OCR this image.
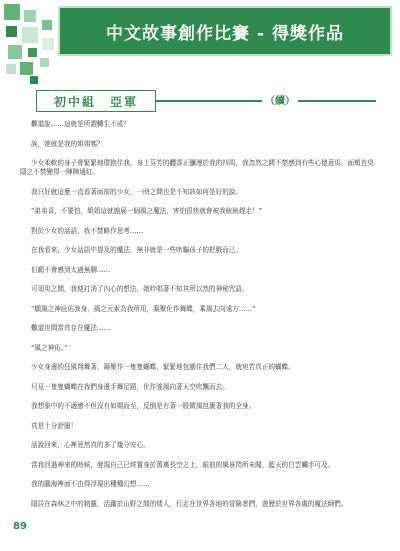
中文故事創作比賽 - 得獎作品
初中組　亞軍	（續）

難道說……這就是所謂轉生不成？

誒，她就是我的姐姐嗎？

少女柔軟的身子骨緊緊地環抱住我，身上芬芳的體香正瀰漫於我的四周，我忽然之間不禁感到有些心猿意馬，面頰也臭隱之不禁變得一陣陣通紅。

我只好就這麼一直看著面前的少女，一時之間也是不知該如何是好的說。

“弟弟喜，不要怕，姐姐這就施展一個風之魔法，害怕很快就會被我統統趕走！”

對於少女的話語，我不禁略作思考……

在我看來，少女話語中提及的魔法，無非就是一些哄騙孩子的把戲而已。

但願不會感到太過無聊……

可須臾之間，我便打消了內心的想法，她吟唱著不知其所以然的神秘咒語。

“願風之神庇佑我身，風之元素為我所用，凝聚化作舞蝶，乘風去向遠方……”

難道世間當真存在魔法……

“風之神佑。”

少女身邊的狂風翔舞著，凝聚作一隻隻蝴蝶，緊緊地包圍住我們二人，就宛若真正的蝴蝶。

只見一隻隻蝴蝶在我們身邊手舞足蹈，化作強風向著天空吹飄而去。

我想象中的不適感不但沒有如期而至，反倒是有著一股微風包裹著我的全身。

真是十分舒服！

話說回來，心裡竟然真的多了幾分安心。

當我回過神來的時候，發現自己已經置身於萬裏長空之上，眼前的風景閃所未聞，藍天的白雲觸手可及。

我的腦海裡面不由得浮現出種種幻想……

隱居在森林之中的精靈，活躍於山野之間的矮人，行走在世界各地的冒險者們，遊歷於世界各處的魔法師們。

89
